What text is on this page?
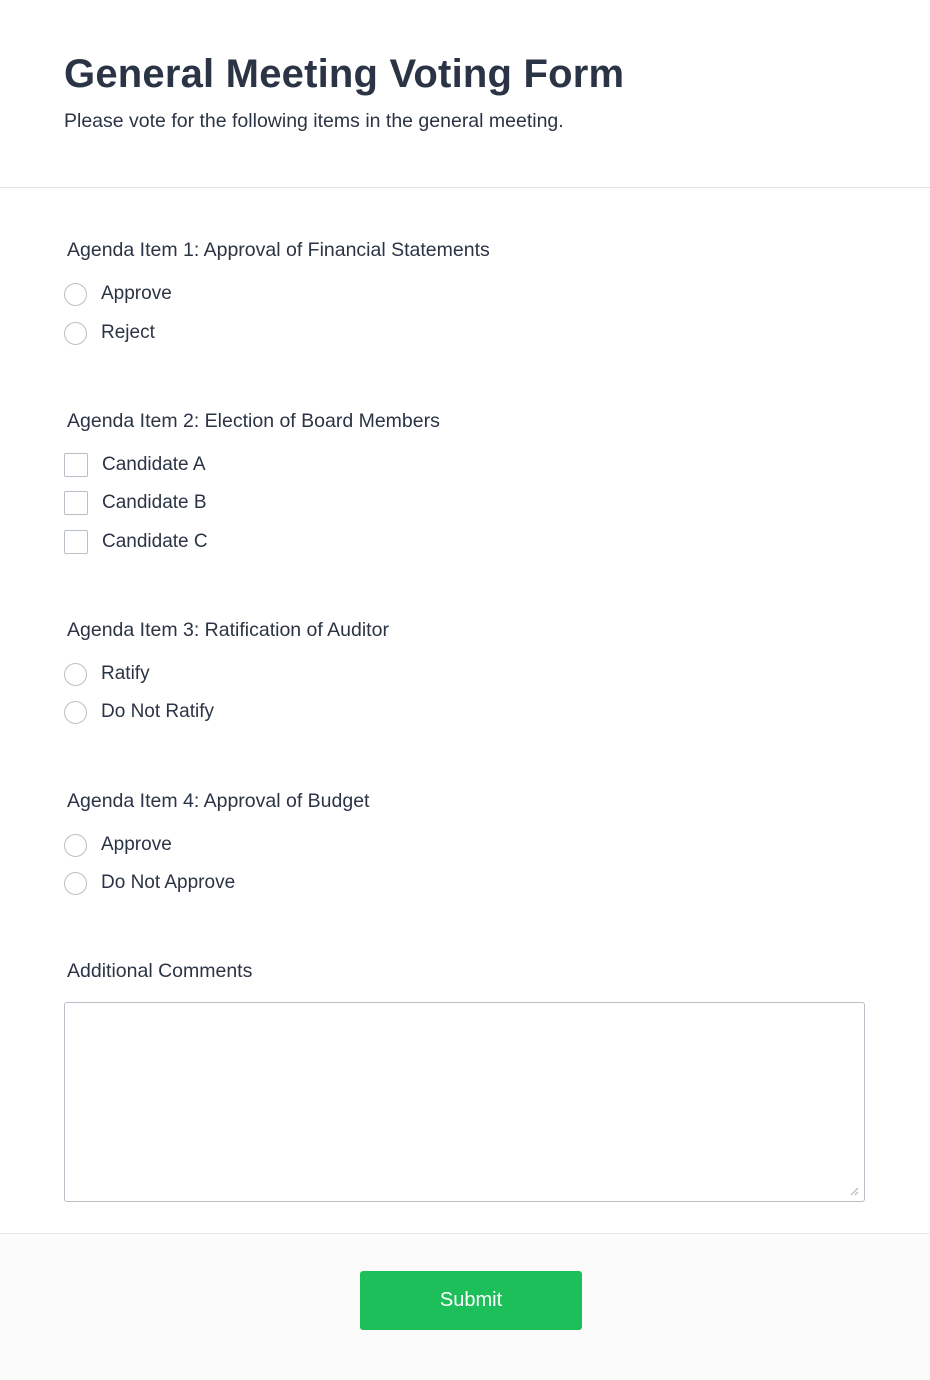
General Meeting Voting Form

Please vote for the following items in the general meeting.

Agenda Item 1: Approval of Financial Statements
Approve
Reject
Agenda Item 2: Election of Board Members
Candidate A
Candidate B
Candidate C
Agenda Item 3: Ratification of Auditor
Ratify
Do Not Ratify
Agenda Item 4: Approval of Budget
Approve
Do Not Approve
Additional Comments
Submit
